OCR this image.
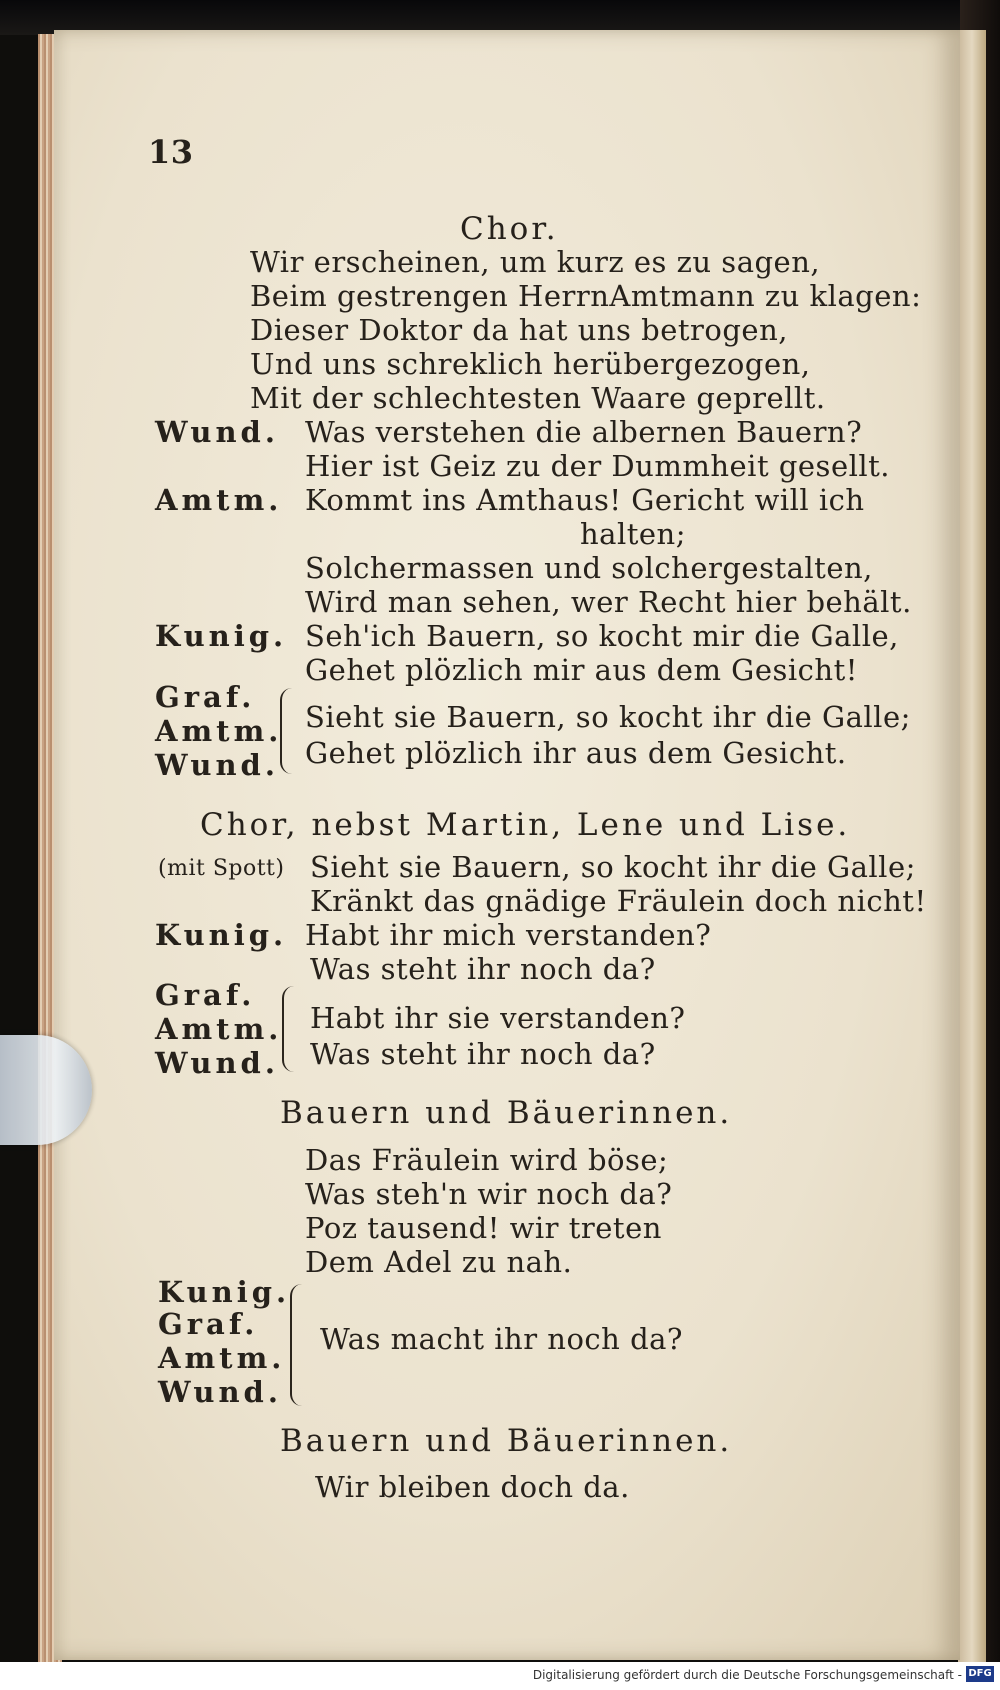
Chor.
Wir erscheinen, um kurz es zu sagen,
Beim gestrengen HerrnAmtmann zu klagen:
Dieser Doktor da hat uns betrogen,
Und uns schreklich herübergezogen,
Mit der schlechtesten Waare geprellt.
Was verstehen die albernen Bauern?
Hier ist Geiz zu der Dummheit gesellt.
Kommt ins Amthaus! Gericht will ich
halten;
Solchermassen und solchergestalten,
Wird man sehen, wer Recht hier behält.
Seh'ich Bauern, so kocht mir die Galle,
Gehet plözlich mir aus dem Gesicht!
Sieht sie Bauern, so kocht ihr die Galle;
Gehet plözlich ihr aus dem Gesicht.
Kränkt das gnädige Fräulein doch nicht!
Habt ihr mich verstanden?
Was steht ihr noch da?
Habt ihr sie verstanden?
Was steht ihr noch da?
Das Fräulein wird böse;
Was steh'n wir noch da?
Poz tausend! wir treten
Dem Adel zu nah.
Was macht ihr noch da?
Wir bleiben doch da.
Wund.
Amtm.
Kunig.
Graf.
Amtm.
Wund.
Kunig.
Graf.
Amtm.
Wund.
Kunig.
Graf.
Amtm.
Wund.
Chor, nebst Martin, Lene und Lise.
Bauern und Bäuerinnen.
Bauern und Bäuerinnen.
(mit Spott) Sieht sie Bauern, so kocht ihr die Galle;
13
Digitalisierung gefördert durch die Deutsche Forschungsgemeinschaft - DFG
